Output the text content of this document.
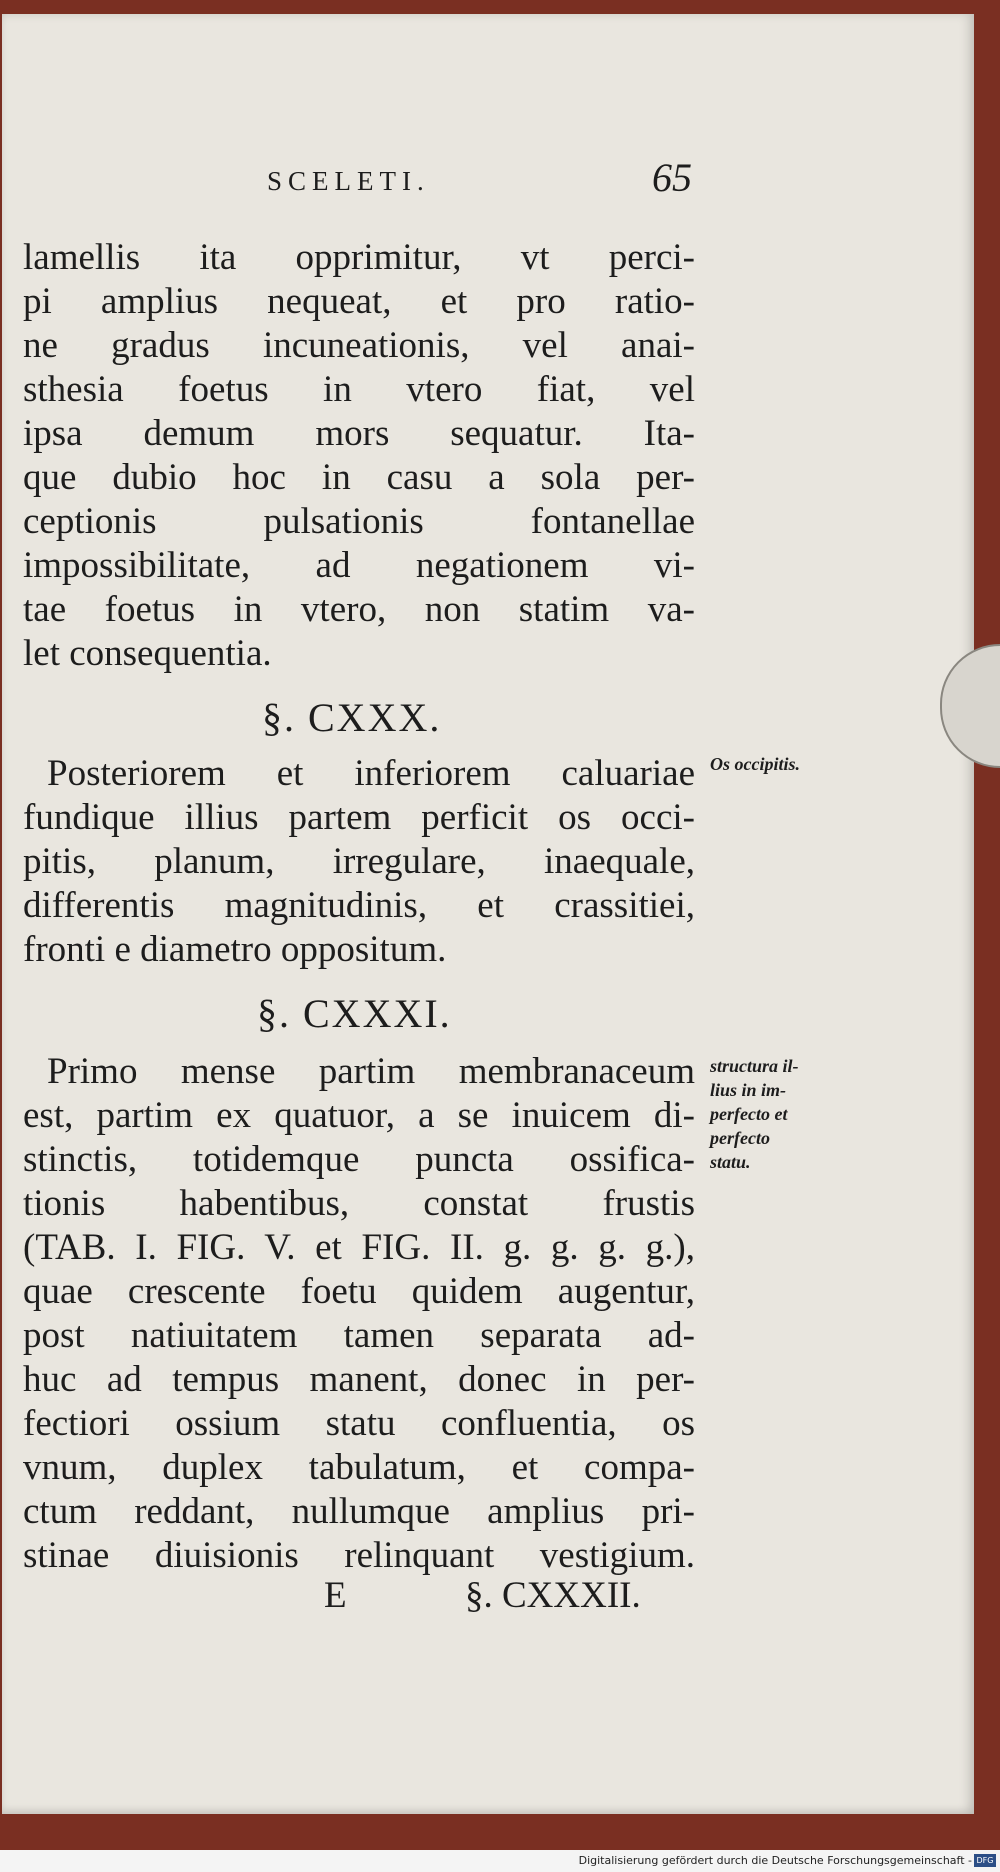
SCELETI.	65
lamellis ita opprimitur, vt perci-
pi amplius nequeat, et pro ratio-
ne gradus incuneationis, vel anai-
sthesia foetus in vtero fiat, vel
ipsa demum mors sequatur. Ita-
que dubio hoc in casu a sola per-
ceptionis pulsationis fontanellae
impossibilitate, ad negationem vi-
tae foetus in vtero, non statim va-
let consequentia.
§. CXXX.
Posteriorem et inferiorem caluariae
fundique illius partem perficit os occi-
pitis, planum, irregulare, inaequale,
differentis magnitudinis, et crassitiei,
fronti e diametro oppositum.
Os occipitis.
§. CXXXI.
Primo mense partim membranaceum
est, partim ex quatuor, a se inuicem di-
stinctis, totidemque puncta ossifica-
tionis habentibus, constat frustis
(TAB. I. FIG. V. et FIG. II. g. g. g. g.),
quae crescente foetu quidem augentur,
post natiuitatem tamen separata ad-
huc ad tempus manent, donec in per-
fectiori ossium statu confluentia, os
vnum, duplex tabulatum, et compa-
ctum reddant, nullumque amplius pri-
stinae diuisionis relinquant vestigium.
structura il-
lius in im-
perfecto et
perfecto
statu.
E	§. CXXXII.
Digitalisierung gefördert durch die Deutsche Forschungsgemeinschaft - DFG
